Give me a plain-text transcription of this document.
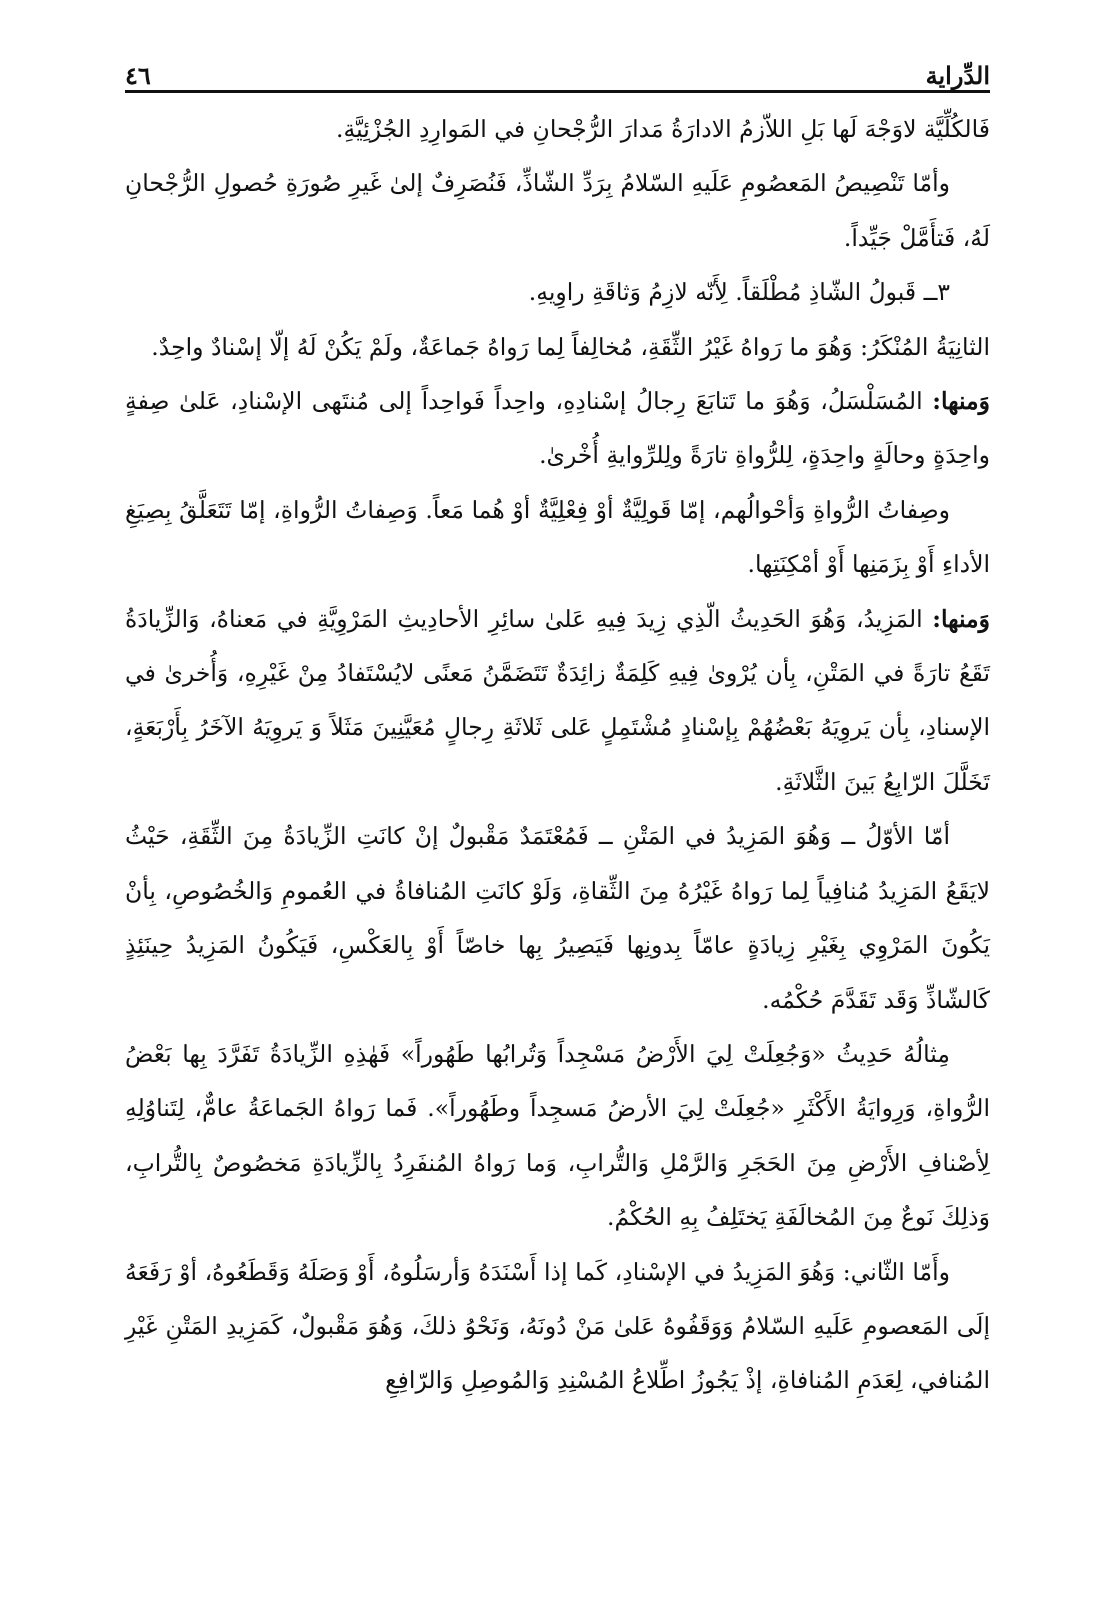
٤٦	الدِّراية

فَالكُلِّيَّة لاوَجْهَ لَها بَلِ اللاّزمُ الادارَةُ مَدارَ الرُّجْحانِ في المَوارِدِ الجُزْئِيَّةِ.

وأمّا تَنْصِيصُ المَعصُومِ عَلَيهِ السّلامُ بِرَدِّ الشّاذِّ، فَنُصَرِفٌ إلىٰ غَيرِ صُورَةِ حُصولِ الرُّجْحانِ لَهُ، فَتأَمَّلْ جَيِّداً.

٣ــ قَبولُ الشّاذِ مُطْلَقاً. لِأَنّه لازِمُ وَثاقَةِ راوِيهِ.

الثانِيَةُ المُنْكَرُ: وَهُوَ ما رَواهُ غَيْرُ الثِّقَةِ، مُخالِفاً لِما رَواهُ جَماعَةٌ، ولَمْ يَكُنْ لَهُ إلّا إسْنادٌ واحِدٌ.

وَمنها: المُسَلْسَلُ، وَهُوَ ما تَتابَعَ رِجالُ إسْنادِهِ، واحِداً فَواحِداً إلى مُنتَهى الإسْنادِ، عَلىٰ صِفةٍ واحِدَةٍ وحالَةٍ واحِدَةٍ، لِلرُّواةِ تارَةً ولِلرِّوايةِ أُخْرىٰ.

وصِفاتُ الرُّواةِ وَأحْوالُهم، إمّا قَولِيَّةٌ أوْ فِعْلِيَّةٌ أوْ هُما مَعاً. وَصِفاتُ الرُّواةِ، إمّا تَتَعَلَّقُ بِصِيَغِ الأداءِ أَوْ بِزَمَنِها أَوْ أمْكِنَتِها.

وَمنها: المَزِيدُ، وَهُوَ الحَدِيثُ الّذِي زِيدَ فِيهِ عَلىٰ سائِرِ الأحادِيثِ المَرْوِيَّةِ في مَعناهُ، وَالزِّيادَةُ تَقَعُ تارَةً في المَتْنِ، بِأن يُرْوىٰ فِيهِ كَلِمَةٌ زائِدَةٌ تَتَضَمَّنُ مَعنًى لايُسْتَفادُ مِنْ غَيْرِهِ، وَأُخرىٰ في الإسنادِ، بِأن يَروِيَهُ بَعْضُهُمْ بِإسْنادٍ مُشْتَمِلٍ عَلى ثَلاثَةِ رِجالٍ مُعَيَّنِينَ مَثَلاً وَ يَروِيَهُ الآخَرُ بِأَرْبَعَةٍ، تَخَلَّلَ الرّابِعُ بَينَ الثَّلاثَةِ.

أمّا الأوّلُ ــ وَهُوَ المَزِيدُ في المَتْنِ ــ فَمُعْتَمَدٌ مَقْبولٌ إنْ كانَتِ الزِّيادَةُ مِنَ الثِّقَةِ، حَيْثُ لايَقَعُ المَزِيدُ مُنافِياً لِما رَواهُ غَيْرُهُ مِنَ الثِّقاةِ، وَلَوْ كانَتِ المُنافاةُ في العُمومِ وَالخُصُوصِ، بِأنْ يَكُونَ المَرْوِي بِغَيْرِ زِيادَةٍ عامّاً بِدونِها فَيَصِيرُ بِها خاصّاً أَوْ بِالعَكْسِ، فَيَكُونُ المَزِيدُ حِينَئِذٍ كَالشّاذِّ وَقَد تَقَدَّمَ حُكْمُه.

مِثالُهُ حَدِيثُ «وَجُعِلَتْ لِيَ الأَرْضُ مَسْجِداً وَتُرابُها طَهُوراً» فَهٰذِهِ الزِّيادَةُ تَفَرَّدَ بِها بَعْضُ الرُّواةِ، وَرِوايَةُ الأَكْثَرِ «جُعِلَتْ لِيَ الأرضُ مَسجِداً وطَهُوراً». فَما رَواهُ الجَماعَةُ عامٌّ، لِتَناوُلِهِ لِأصْنافِ الأَرْضِ مِنَ الحَجَرِ وَالرَّمْلِ وَالتُّرابِ، وَما رَواهُ المُنفَرِدُ بِالزِّيادَةِ مَخصُوصٌ بِالتُّرابِ، وَذلِكَ نَوعٌ مِنَ المُخالَفَةِ يَختَلِفُ بِهِ الحُكْمُ.

وأَمّا الثّاني: وَهُوَ المَزِيدُ في الإسْنادِ، كَما إذا أَسْنَدَهُ وَأرسَلُوهُ، أَوْ وَصَلَهُ وَقَطَعُوهُ، أوْ رَفَعَهُ إلَى المَعصومِ عَلَيهِ السّلامُ وَوَقَفُوهُ عَلىٰ مَنْ دُونَهُ، وَنَحْوُ ذلكَ، وَهُوَ مَقْبولٌ، كَمَزِيدِ المَتْنِ غَيْرِ المُنافي، لِعَدَمِ المُنافاةِ، إذْ يَجُوزُ اطِّلاعُ المُسْنِدِ وَالمُوصِلِ وَالرّافِعِ
